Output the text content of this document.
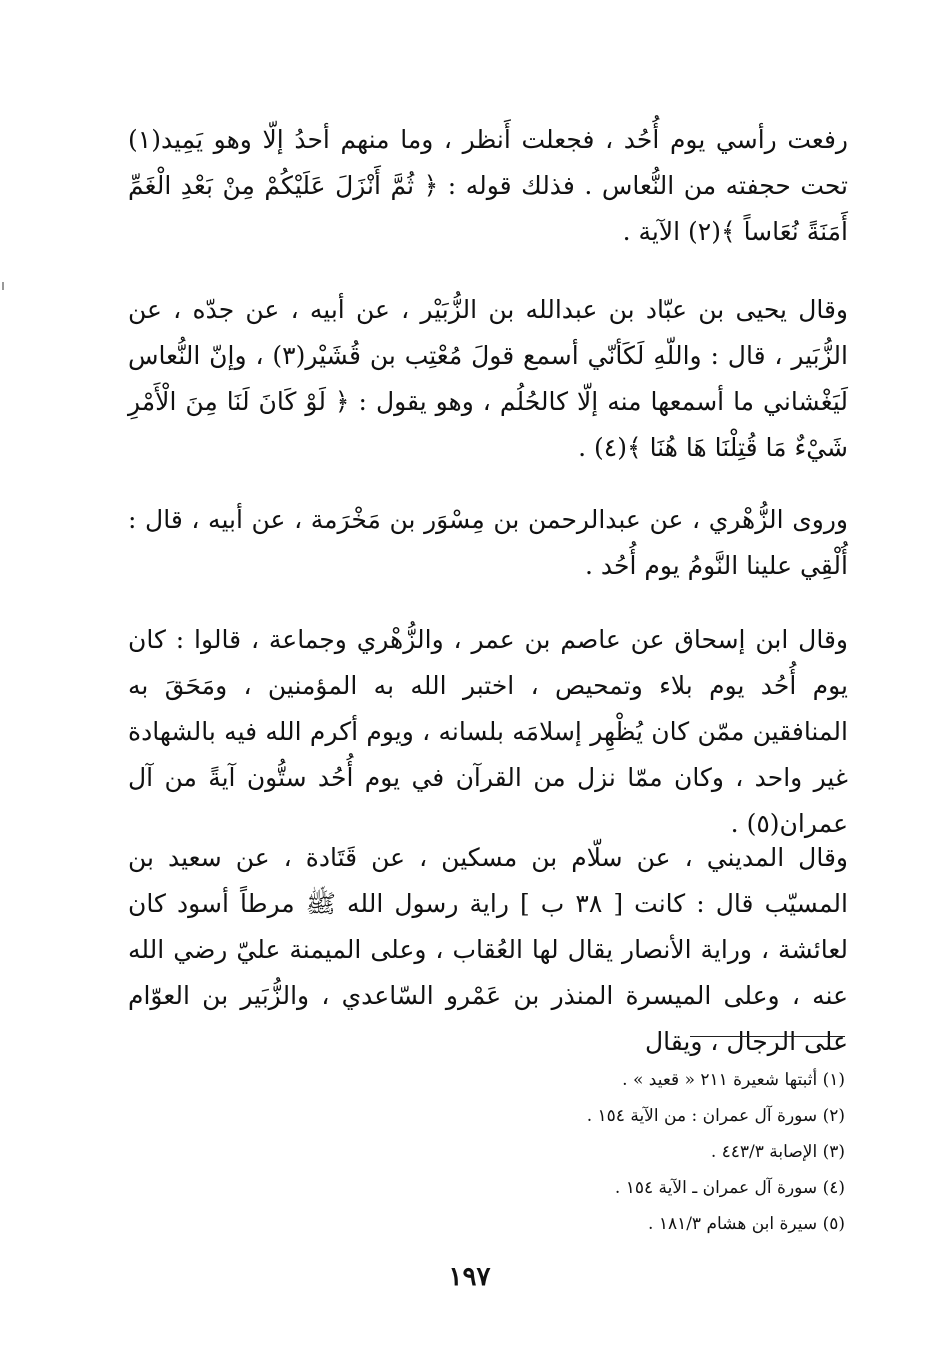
رفعت رأسي يوم أُحُد ، فجعلت أَنظر ، وما منهم أحدُ إلّا وهو يَمِيد(١) تحت حجفته من النُّعاس . فذلك قوله : ﴿ ثُمَّ أَنْزَلَ عَلَيْكُمْ مِنْ بَعْدِ الْغَمِّ أَمَنَةً نُعَاساً ﴾(٢) الآية .

وقال يحيى بن عبّاد بن عبدالله بن الزُّبَيْر ، عن أبيه ، عن جدّه ، عن الزُّبَير ، قال : واللّهِ لَكَأنّي أسمع قولَ مُعْتِب بن قُشَيْر(٣) ، وإنّ النُّعاس لَيَغْشاني ما أسمعها منه إلّا كالحُلُم ، وهو يقول : ﴿ لَوْ كَانَ لَنَا مِنَ الْأَمْرِ شَيْءٌ مَا قُتِلْنَا هَا هُنَا ﴾(٤) .

وروى الزُّهْري ، عن عبدالرحمن بن مِسْوَر بن مَخْرَمة ، عن أبيه ، قال : أُلْقِي علينا النَّومُ يوم أُحُد .

وقال ابن إسحاق عن عاصم بن عمر ، والزُّهْري وجماعة ، قالوا : كان يوم أُحُد يوم بلاء وتمحيص ، اختبر الله به المؤمنين ، ومَحَقَ به المنافقين ممّن كان يُظْهِر إسلامَه بلسانه ، ويوم أكرم الله فيه بالشهادة غير واحد ، وكان ممّا نزل من القرآن في يوم أُحُد ستُّون آيةً من آل عمران(٥) .

وقال المديني ، عن سلّام بن مسكين ، عن قَتَادة ، عن سعيد بن المسيّب قال : كانت [ ٣٨ ب ] راية رسول الله ﷺ مرطاً أسود كان لعائشة ، وراية الأنصار يقال لها العُقاب ، وعلى الميمنة عليّ رضي الله عنه ، وعلى الميسرة المنذر بن عَمْرو السّاعدي ، والزُّبَير بن العوّام على الرجال ، ويقال

(١) أثبتها شعيرة ٢١١ « قعيد » .
(٢) سورة آل عمران : من الآية ١٥٤ .
(٣) الإصابة ٤٤٣/٣ .
(٤) سورة آل عمران ـ الآية ١٥٤ .
(٥) سيرة ابن هشام ١٨١/٣ .
١٩٧
